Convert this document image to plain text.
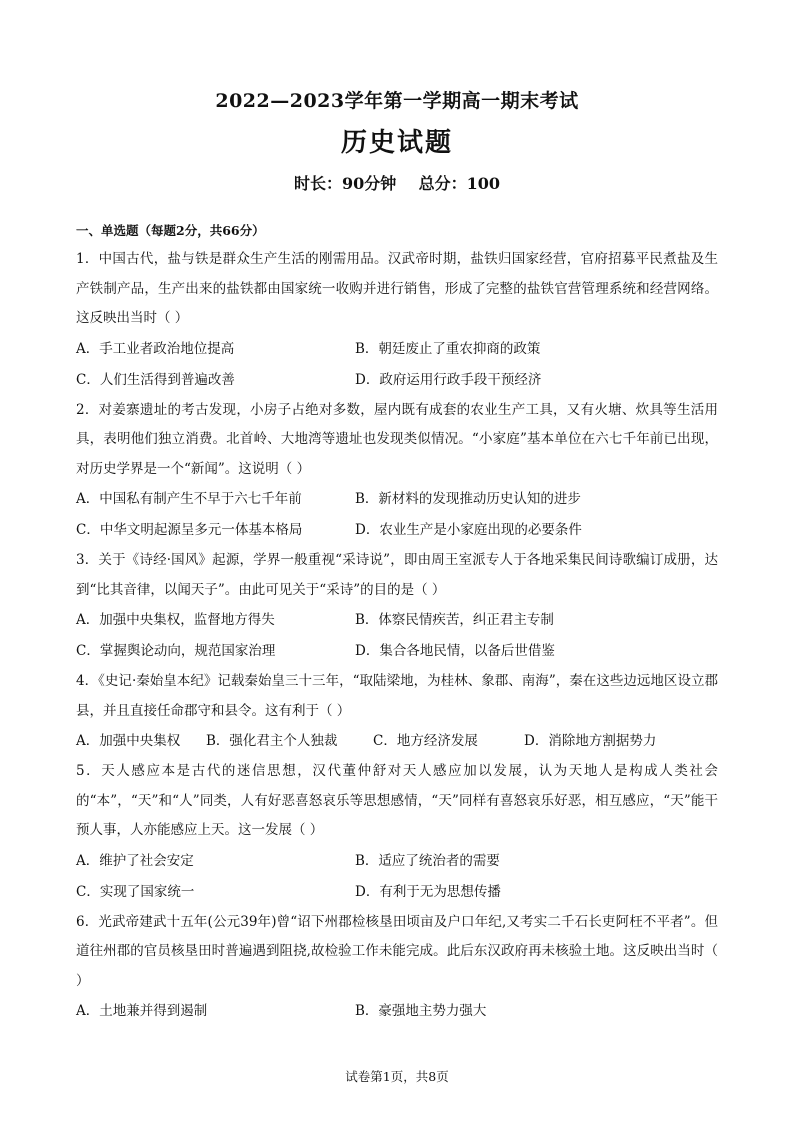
2022—2023学年第一学期高一期末考试
历史试题
时长：90分钟    总分：100
一、单选题（每题2分，共66分）
1．中国古代，盐与铁是群众生产生活的刚需用品。汉武帝时期，盐铁归国家经营，官府招募平民煮盐及生产铁制产品，生产出来的盐铁都由国家统一收购并进行销售，形成了完整的盐铁官营管理系统和经营网络。这反映出当时（ ）
A．手工业者政治地位提高	B．朝廷废止了重农抑商的政策
C．人们生活得到普遍改善	D．政府运用行政手段干预经济
2．对姜寨遗址的考古发现，小房子占绝对多数，屋内既有成套的农业生产工具，又有火塘、炊具等生活用具，表明他们独立消费。北首岭、大地湾等遗址也发现类似情况。“小家庭”基本单位在六七千年前已出现，对历史学界是一个“新闻”。这说明（ ）
A．中国私有制产生不早于六七千年前	B．新材料的发现推动历史认知的进步
C．中华文明起源呈多元一体基本格局	D．农业生产是小家庭出现的必要条件
3．关于《诗经·国风》起源，学界一般重视“采诗说”，即由周王室派专人于各地采集民间诗歌编订成册，达到“比其音律，以闻天子”。由此可见关于“采诗”的目的是（ ）
A．加强中央集权，监督地方得失	B．体察民情疾苦，纠正君主专制
C．掌握舆论动向，规范国家治理	D．集合各地民情，以备后世借鉴
4．《史记·秦始皇本纪》记载秦始皇三十三年，“取陆梁地，为桂林、象郡、南海”，秦在这些边远地区设立郡县，并且直接任命郡守和县令。这有利于（ ）
A．加强中央集权	B．强化君主个人独裁	C．地方经济发展	D．消除地方割据势力
5．天人感应本是古代的迷信思想，汉代董仲舒对天人感应加以发展，认为天地人是构成人类社会的“本”，“天”和“人”同类，人有好恶喜怒哀乐等思想感情，“天”同样有喜怒哀乐好恶，相互感应，“天”能干预人事，人亦能感应上天。这一发展（ ）
A．维护了社会安定	B．适应了统治者的需要
C．实现了国家统一	D．有利于无为思想传播
6．光武帝建武十五年(公元39年)曾“诏下州郡检核垦田顷亩及户口年纪,又考实二千石长吏阿枉不平者”。但道往州郡的官员核垦田时普遍遇到阻挠,故检验工作未能完成。此后东汉政府再未核验土地。这反映出当时（ ）
A．土地兼并得到遏制	B．豪强地主势力强大
试卷第1页，共8页
